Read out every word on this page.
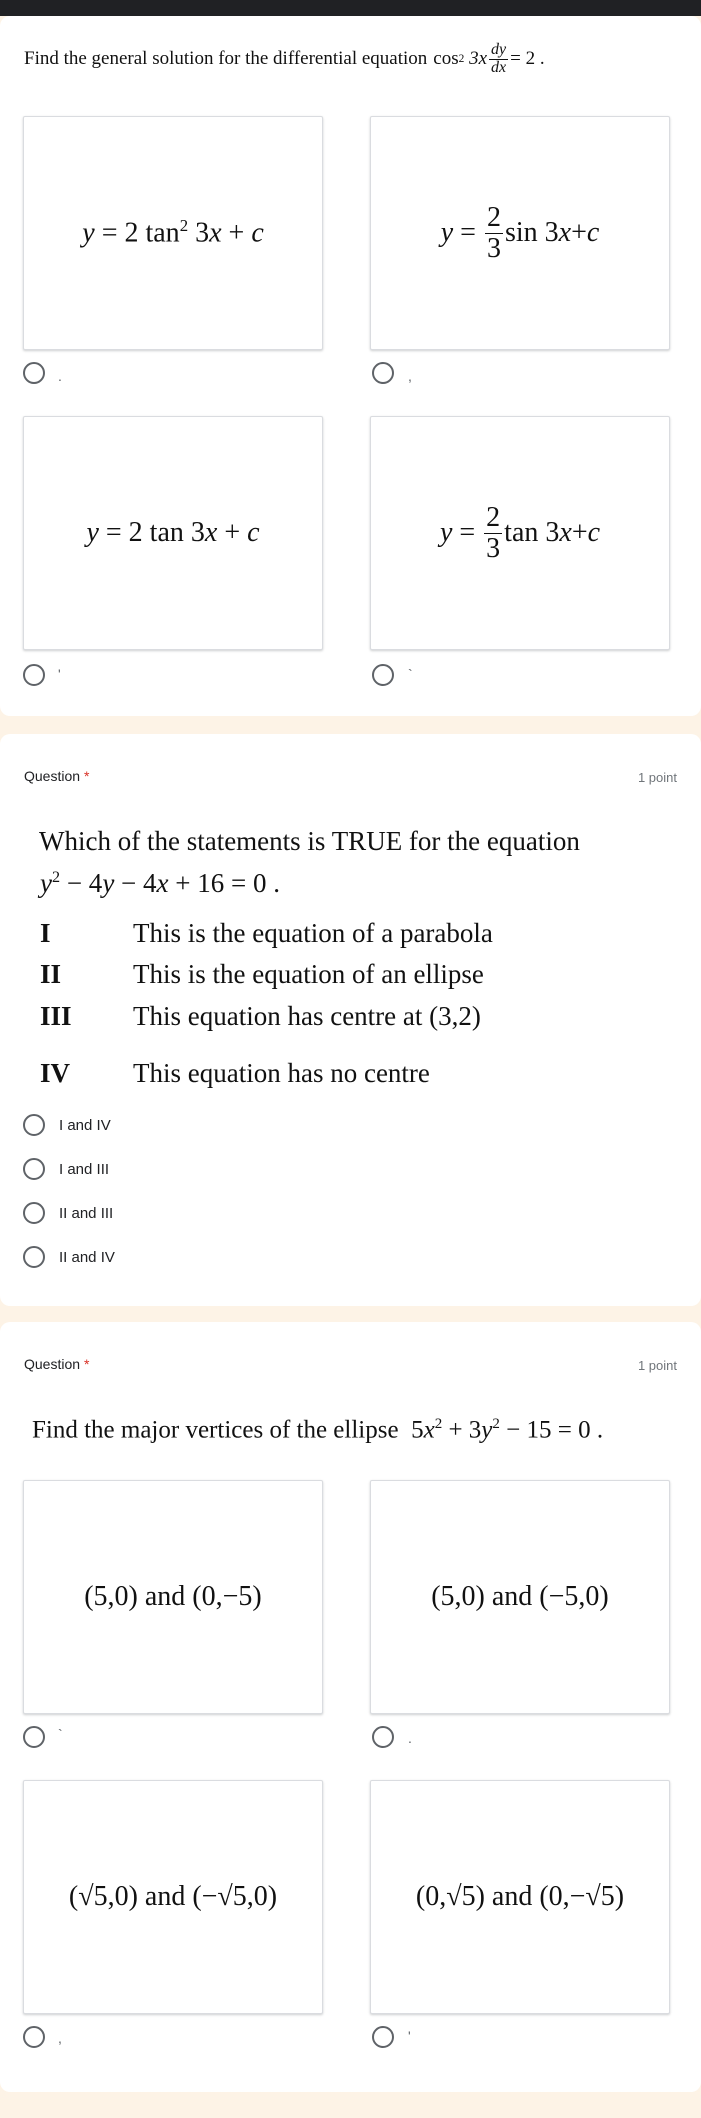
Find the general solution for the differential equation cos 2
$3x \frac{dy}{dx} = 2$ .
y = 2 $\tan^2 3x + c$	$y = \frac{2}{3}$ sin 3 x + c
.	,
y = 2 tan 3x + c	$y = \frac{2}{3}$ tan 3 x + c
'	`
Question *	1 point
Which of the statements is TRUE for the equation
$y^2 - 4y - 4x + 16 = 0$ .
I	This is the equation of a parabola
II	This is the equation of an ellipse
III This equation has centre at (3,2)
IV This equation has no centre
I and IV
I and III
II and III
II and IV
Question *	1 point
Find the major vertices of the ellipse  $5x^2 + 3y^2 - 15 = 0$ .
(5,0) and (0,−5)	(5,0) and (−5,0)
`	.
(√5,0) and (−√5,0)	(0,√5) and (0,−√5)
,	'
